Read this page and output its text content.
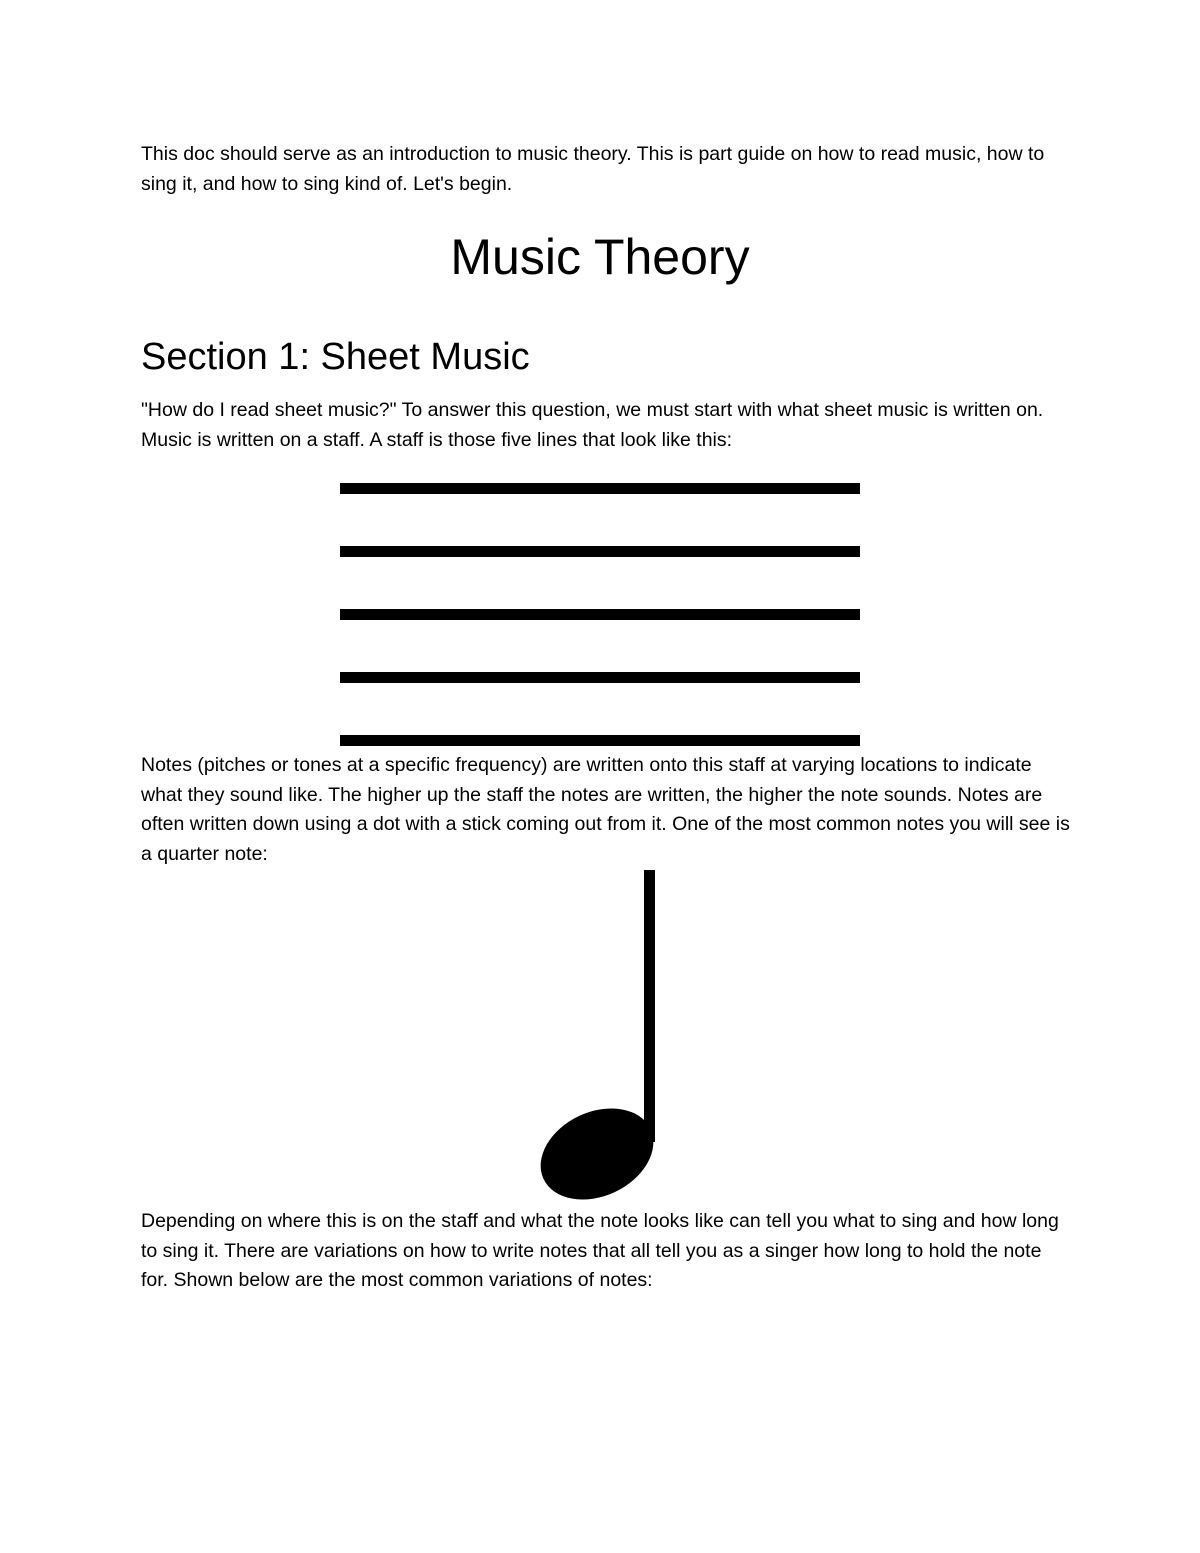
This doc should serve as an introduction to music theory. This is part guide on how to read music, how to sing it, and how to sing kind of. Let's begin.

Music Theory
Section 1: Sheet Music

"How do I read sheet music?" To answer this question, we must start with what sheet music is written on. Music is written on a staff. A staff is those five lines that look like this:

Notes (pitches or tones at a specific frequency) are written onto this staff at varying locations to indicate what they sound like. The higher up the staff the notes are written, the higher the note sounds. Notes are often written down using a dot with a stick coming out from it. One of the most common notes you will see is a quarter note:

Depending on where this is on the staff and what the note looks like can tell you what to sing and how long to sing it. There are variations on how to write notes that all tell you as a singer how long to hold the note for. Shown below are the most common variations of notes:
